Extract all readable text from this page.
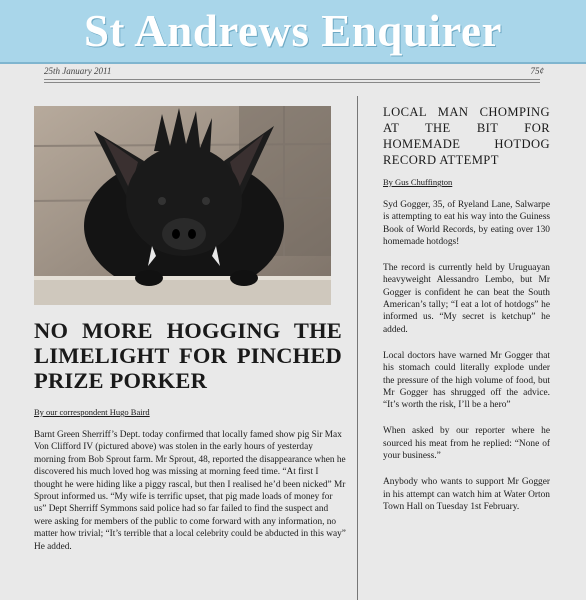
St Andrews Enquirer
25th January 2011	75¢
NO MORE HOGGING THE LIMELIGHT FOR PINCHED PRIZE PORKER
By our correspondent Hugo Baird
Barnt Green Sherriff’s Dept. today confirmed that locally famed show pig Sir Max Von Clifford IV (pictured above) was stolen in the early hours of yesterday morning from Bob Sprout farm. Mr Sprout, 48, reported the disappearance when he discovered his much loved hog was missing at morning feed time. “At first I thought he were hiding like a piggy rascal, but then I realised he’d been nicked” Mr Sprout informed us. “My wife is terrific upset, that pig made loads of money for us” Dept Sherriff Symmons said police had so far failed to find the suspect and were asking for members of the public to come forward with any information, no matter how trivial; “It’s terrible that a local celebrity could be abducted in this way” He added.
LOCAL MAN CHOMPING AT THE BIT FOR HOMEMADE HOTDOG RECORD ATTEMPT
By Gus Chuffington

Syd Gogger, 35, of Ryeland Lane, Salwarpe is attempting to eat his way into the Guiness Book of World Records, by eating over 130 homemade hotdogs!

The record is currently held by Uruguayan heavyweight Alessandro Lembo, but Mr Gogger is confident he can beat the South American’s tally; “I eat a lot of hotdogs” he informed us. “My secret is ketchup” he added.

Local doctors have warned Mr Gogger that his stomach could literally explode under the pressure of the high volume of food, but Mr Gogger has shrugged off the advice. “It’s worth the risk, I’ll be a hero”

When asked by our reporter where he sourced his meat from he replied: “None of your business.”

Anybody who wants to support Mr Gogger in his attempt can watch him at Water Orton Town Hall on Tuesday 1st February.
